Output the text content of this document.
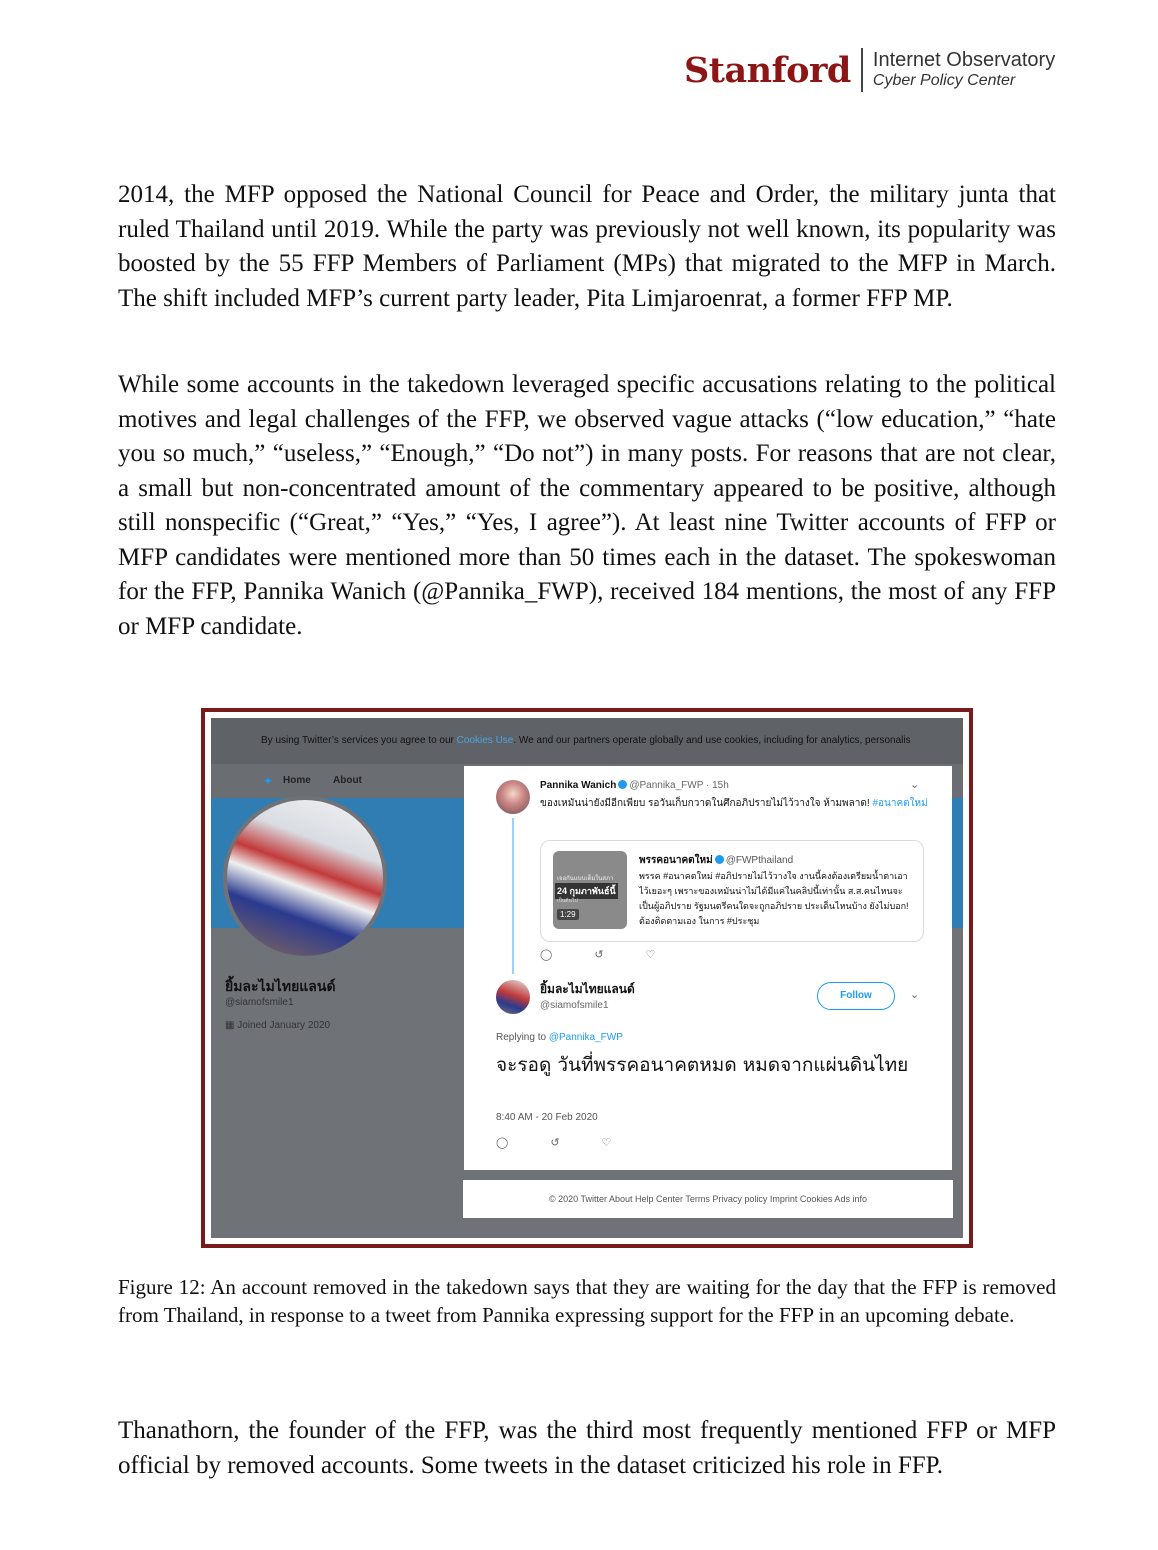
Stanford Internet Observatory
Cyber Policy Center

2014, the MFP opposed the National Council for Peace and Order, the military junta that ruled Thailand until 2019. While the party was previously not well known, its popularity was boosted by the 55 FFP Members of Parliament (MPs) that migrated to the MFP in March. The shift included MFP’s current party leader, Pita Limjaroenrat, a former FFP MP.

While some accounts in the takedown leveraged specific accusations relating to the political motives and legal challenges of the FFP, we observed vague attacks (“low education,” “hate you so much,” “useless,” “Enough,” “Do not”) in many posts. For reasons that are not clear, a small but non-concentrated amount of the commentary appeared to be positive, although still nonspecific (“Great,” “Yes,” “Yes, I agree”). At least nine Twitter accounts of FFP or MFP candidates were mentioned more than 50 times each in the dataset. The spokeswoman for the FFP, Pannika Wanich (@Pannika_FWP), received 184 mentions, the most of any FFP or MFP candidate.

By using Twitter’s services you agree to our Cookies Use. We and our partners operate globally and use cookies, including for analytics, personalis
✦ Home About
ยิ้มละไมไทยแลนด์
@siamofsmile1
▦ Joined January 2020
Pannika Wanich @Pannika_FWP · 15h	⌄
ของเหมันน่ายังมีอีกเพียบ รอวันเก็บกวาดในศึกอภิปรายไม่ไว้วางใจ ห้ามพลาด! #อนาคตใหม่
เจอกันแบบเต็มในสภา
24 กุมภาพันธ์นี้
เป็นต้นไป
1:29
พรรคอนาคตใหม่ @FWPthailand
พรรค #อนาคตใหม่ #อภิปรายไม่ไว้วางใจ งานนี้คงต้องเตรียมน้ำตาเอาไว้เยอะๆ เพราะของเหมันน่าไม่ได้มีแค่ในคลิปนี้เท่านั้น ส.ส.คนไหนจะเป็นผู้อภิปราย รัฐมนตรีคนใดจะถูกอภิปราย ประเด็นไหนบ้าง ยังไม่บอก! ต้องติดตามเอง ในการ #ประชุม
◯	↺	♡
ยิ้มละไมไทยแลนด์
@siamofsmile1
Follow	⌄
Replying to @Pannika_FWP
จะรอดู วันที่พรรคอนาคตหมด หมดจากแผ่นดินไทย
8:40 AM - 20 Feb 2020
◯	↺	♡
© 2020 Twitter About Help Center Terms Privacy policy Imprint Cookies Ads info

Figure 12: An account removed in the takedown says that they are waiting for the day that the FFP is removed from Thailand, in response to a tweet from Pannika expressing support for the FFP in an upcoming debate.

Thanathorn, the founder of the FFP, was the third most frequently mentioned FFP or MFP official by removed accounts. Some tweets in the dataset criticized his role in FFP.
